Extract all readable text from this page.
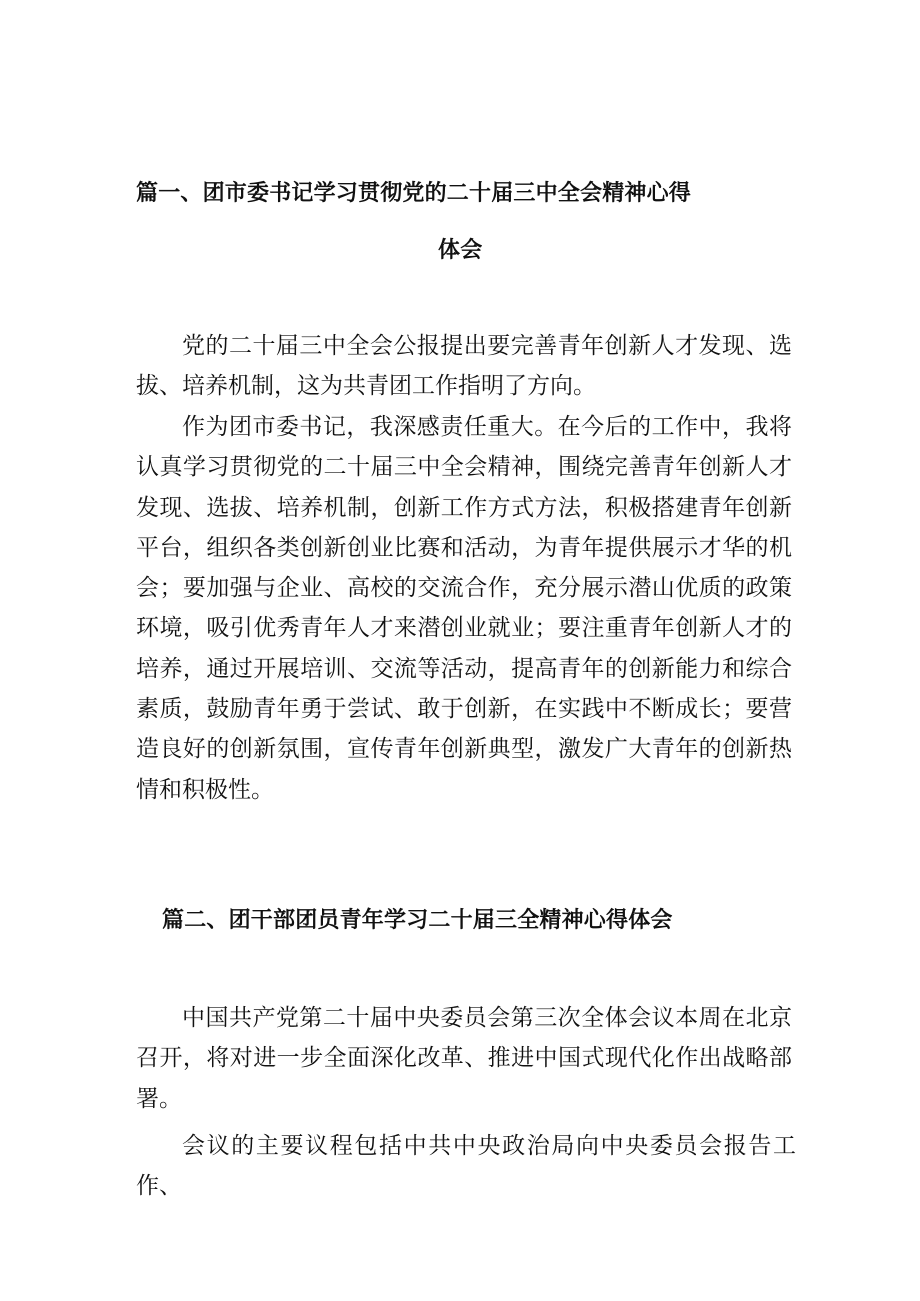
篇一、团市委书记学习贯彻党的二十届三中全会精神心得
体会

党的二十届三中全会公报提出要完善青年创新人才发现、选拔、培养机制，这为共青团工作指明了方向。

作为团市委书记，我深感责任重大。在今后的工作中，我将认真学习贯彻党的二十届三中全会精神，围绕完善青年创新人才发现、选拔、培养机制，创新工作方式方法，积极搭建青年创新平台，组织各类创新创业比赛和活动，为青年提供展示才华的机会；要加强与企业、高校的交流合作，充分展示潜山优质的政策环境，吸引优秀青年人才来潜创业就业；要注重青年创新人才的培养，通过开展培训、交流等活动，提高青年的创新能力和综合素质，鼓励青年勇于尝试、敢于创新，在实践中不断成长；要营造良好的创新氛围，宣传青年创新典型，激发广大青年的创新热情和积极性。

篇二、团干部团员青年学习二十届三全精神心得体会

中国共产党第二十届中央委员会第三次全体会议本周在北京召开，将对进一步全面深化改革、推进中国式现代化作出战略部署。

会议的主要议程包括中共中央政治局向中央委员会报告工作、
